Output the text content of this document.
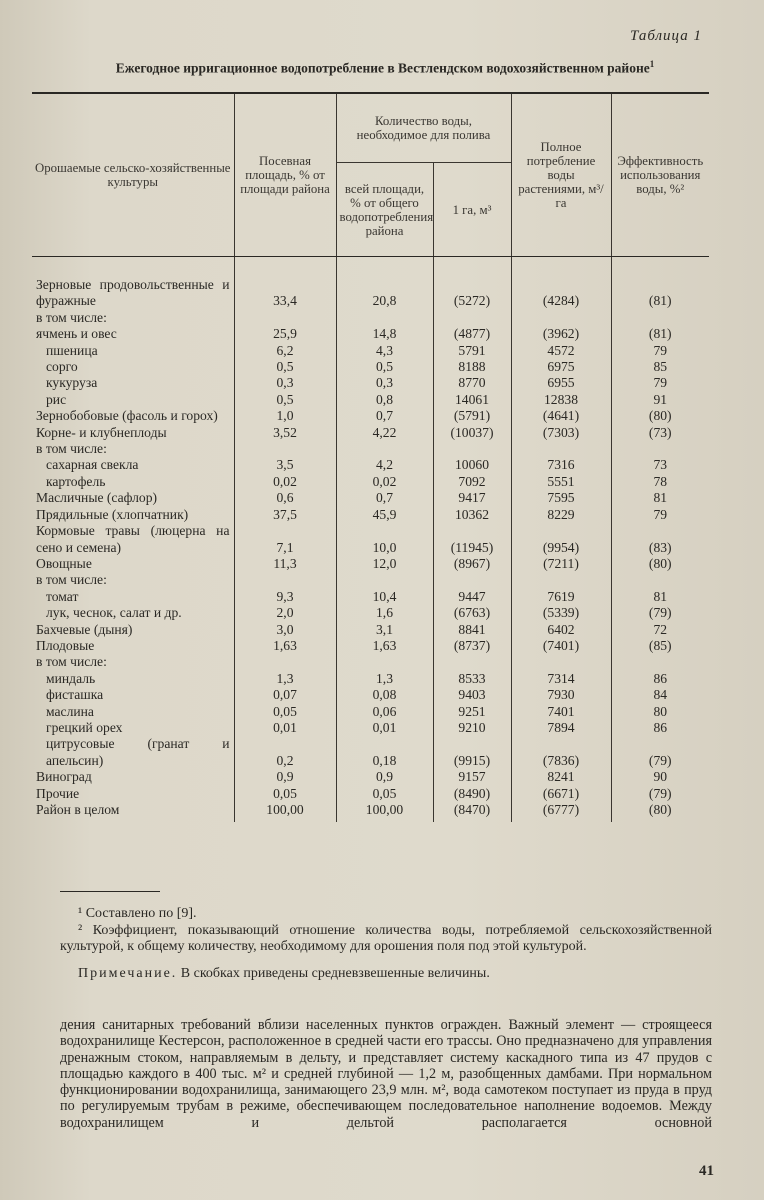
Таблица 1
Ежегодное ирригационное водопотребление в Вестлендском водохозяйственном районе$^1$
Орошаемые сельско-хозяйственные культуры	Посевная площадь, % от площади района	Количество воды, необходимое для полива		Полное потребление воды растениями, м³/га	Эффективность использования воды, %²
		всей площади, % от общего водопотребления района	1 га, м³		

Зерновые продовольственные и фуражные	33,4	20,8	(5272)	(4284)	(81)
в том числе:					
ячмень и овес	25,9	14,8	(4877)	(3962)	(81)
пшеница	6,2	4,3	5791	4572	79
сорго	0,5	0,5	8188	6975	85
кукуруза	0,3	0,3	8770	6955	79
рис	0,5	0,8	14061	12838	91
Зернобобовые (фасоль и горох)	1,0	0,7	(5791)	(4641)	(80)
Корне- и клубнеплоды	3,52	4,22	(10037)	(7303)	(73)
в том числе:					
сахарная свекла	3,5	4,2	10060	7316	73
картофель	0,02	0,02	7092	5551	78
Масличные (сафлор)	0,6	0,7	9417	7595	81
Прядильные (хлопчатник)	37,5	45,9	10362	8229	79
Кормовые травы (люцерна на сено и семена)	7,1	10,0	(11945)	(9954)	(83)
Овощные	11,3	12,0	(8967)	(7211)	(80)
в том числе:					
томат	9,3	10,4	9447	7619	81
лук, чеснок, салат и др.	2,0	1,6	(6763)	(5339)	(79)
Бахчевые (дыня)	3,0	3,1	8841	6402	72
Плодовые	1,63	1,63	(8737)	(7401)	(85)
в том числе:					
миндаль	1,3	1,3	8533	7314	86
фисташка	0,07	0,08	9403	7930	84
маслина	0,05	0,06	9251	7401	80
грецкий орех	0,01	0,01	9210	7894	86
цитрусовые (гранат и апельсин)	0,2	0,18	(9915)	(7836)	(79)
Виноград	0,9	0,9	9157	8241	90
Прочие	0,05	0,05	(8490)	(6671)	(79)
Район в целом	100,00	100,00	(8470)	(6777)	(80)

¹ Составлено по [9].

² Коэффициент, показывающий отношение количества воды, потребляемой сельскохозяйственной культурой, к общему количеству, необходимому для орошения поля под этой культурой.

Примечание. В скобках приведены средневзвешенные величины.

дения санитарных требований вблизи населенных пунктов огражден. Важный элемент — строящееся водохранилище Кестерсон, расположенное в средней части его трассы. Оно предназначено для управления дренажным стоком, направляемым в дельту, и представляет систему каскадного типа из 47 прудов с площадью каждого в 400 тыс. м² и средней глубиной — 1,2 м, разобщенных дамбами. При нормальном функционировании водохранилища, занимающего 23,9 млн. м², вода самотеком поступает из пруда в пруд по регулируемым трубам в режиме, обеспечивающем последовательное наполнение водоемов. Между водохранилищем и дельтой располагается основной
41
